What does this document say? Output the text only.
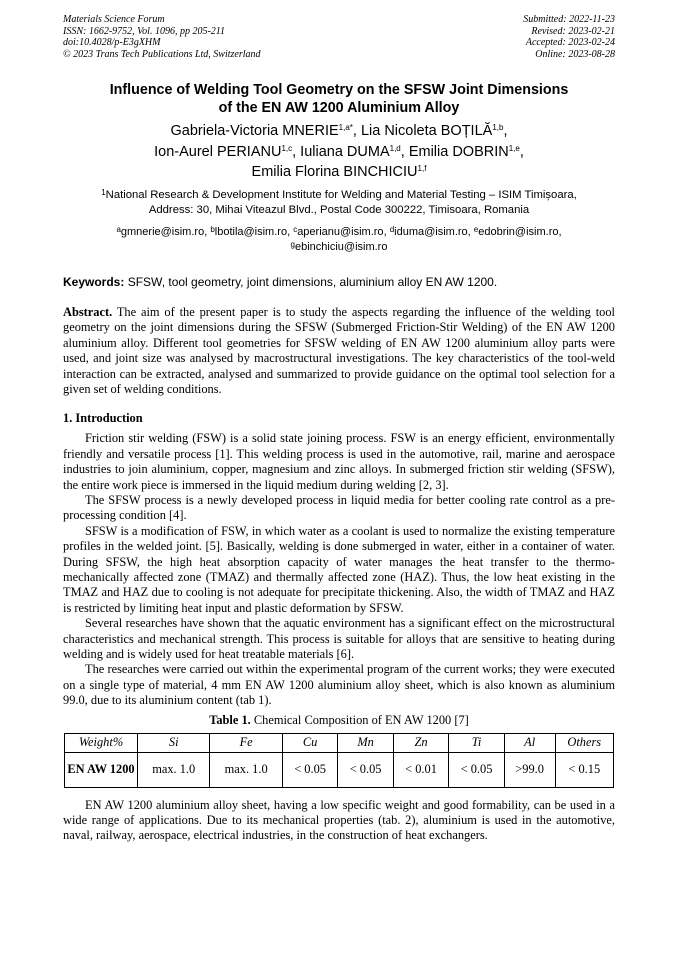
Materials Science Forum
ISSN: 1662-9752, Vol. 1096, pp 205-211
doi:10.4028/p-E3gXHM
© 2023 Trans Tech Publications Ltd, Switzerland
Submitted: 2022-11-23
Revised: 2023-02-21
Accepted: 2023-02-24
Online: 2023-08-28
Influence of Welding Tool Geometry on the SFSW Joint Dimensions
of the EN AW 1200 Aluminium Alloy
Gabriela-Victoria $MNERIE^{1,a*}$, Lia Nicoleta BOȚILĂ$^{1,b}$,
Ion-Aurel PERIANU$^{1,c}$, Iuliana DUMA$^{1,d}$, Emilia DOBRIN$^{1,e}$,
Emilia Florina BINCHICIU$^{1,f}$
$^1$National Research & Development Institute for Welding and Material Testing – ISIM Timișoara,
Address: 30, Mihai Viteazul Blvd., Postal Code 300222, Timisoara, Romania
$^a$gmnerie@isim.ro, $^b$lbotila@isim.ro, $^c$aperianu@isim.ro, $^d$iduma@isim.ro, $^e$edobrin@isim.ro,
$^g$ebinchiciu@isim.ro
Keywords: SFSW, tool geometry, joint dimensions, aluminium alloy EN AW 1200.
Abstract. The aim of the present paper is to study the aspects regarding the influence of the welding tool geometry on the joint dimensions during the SFSW (Submerged Friction-Stir Welding) of the EN AW 1200 aluminium alloy. Different tool geometries for SFSW welding of EN AW 1200 aluminium alloy parts were used, and joint size was analysed by macrostructural investigations. The key characteristics of the tool-weld interaction can be extracted, analysed and summarized to provide guidance on the optimal tool selection for a given set of welding conditions.
1. Introduction

Friction stir welding (FSW) is a solid state joining process. FSW is an energy efficient, environmentally friendly and versatile process [1]. This welding process is used in the automotive, rail, marine and aerospace industries to join aluminium, copper, magnesium and zinc alloys. In submerged friction stir welding (SFSW), the entire work piece is immersed in the liquid medium during welding [2, 3].

The SFSW process is a newly developed process in liquid media for better cooling rate control as a pre-processing condition [4].

SFSW is a modification of FSW, in which water as a coolant is used to normalize the existing temperature profiles in the welded joint. [5]. Basically, welding is done submerged in water, either in a container of water. During SFSW, the high heat absorption capacity of water manages the heat transfer to the thermo-mechanically affected zone (TMAZ) and thermally affected zone (HAZ). Thus, the low heat existing in the TMAZ and HAZ due to cooling is not adequate for precipitate thickening. Also, the width of TMAZ and HAZ is restricted by limiting heat input and plastic deformation by SFSW.

Several researches have shown that the aquatic environment has a significant effect on the microstructural characteristics and mechanical strength. This process is suitable for alloys that are sensitive to heating during welding and is widely used for heat treatable materials [6].

The researches were carried out within the experimental program of the current works; they were executed on a single type of material, 4 mm EN AW 1200 aluminium alloy sheet, which is also known as aluminium 99.0, due to its aluminium content (tab 1).

Table 1. Chemical Composition of EN AW 1200 [7]
Weight%	Si	Fe	Cu	Mn	Zn	Ti	Al	Others
EN AW 1200	max. 1.0	max. 1.0	< 0.05	< 0.05	< 0.01	< 0.05	>99.0	< 0.15

EN AW 1200 aluminium alloy sheet, having a low specific weight and good formability, can be used in a wide range of applications. Due to its mechanical properties (tab. 2), aluminium is used in the automotive, naval, railway, aerospace, electrical industries, in the construction of heat exchangers.
